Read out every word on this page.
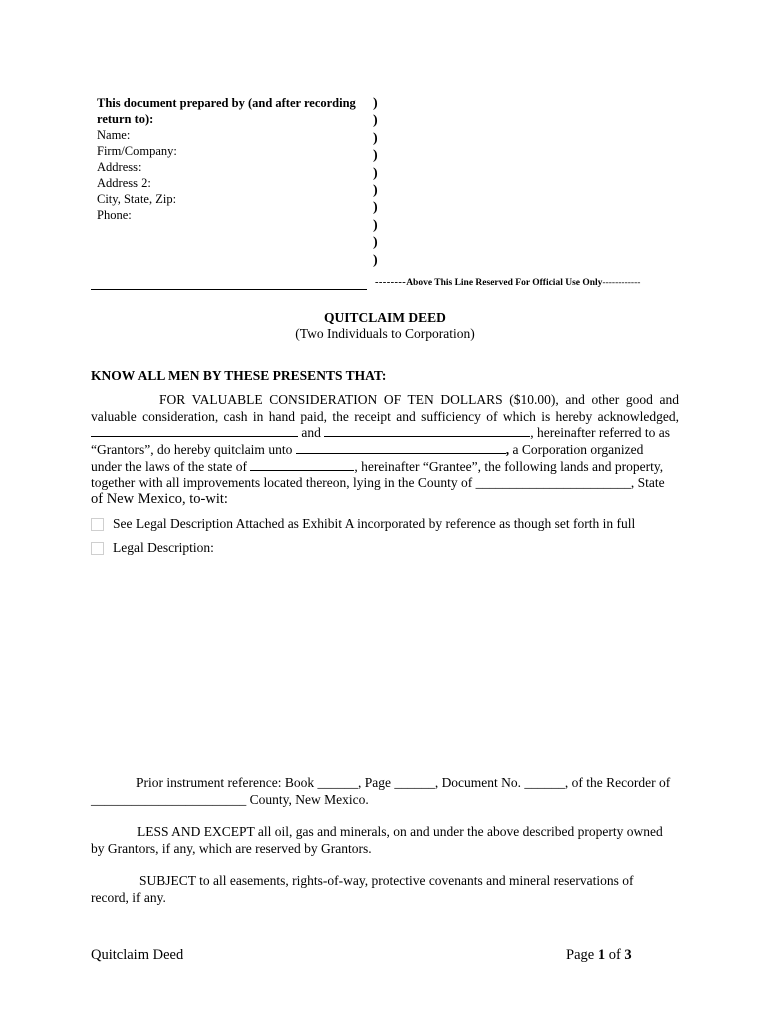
This document prepared by (and after recording
return to):
Name:
Firm/Company:
Address:
Address 2:
City, State, Zip:
Phone:
)
)
)
)
)
)
)
)
)
)
--------Above This Line Reserved For Official Use Only------------
QUITCLAIM DEED
(Two Individuals to Corporation)
KNOW ALL MEN BY THESE PRESENTS THAT:
FOR VALUABLE CONSIDERATION OF TEN DOLLARS ($10.00), and other good and
valuable consideration, cash in hand paid, the receipt and sufficiency of which is hereby acknowledged,
and	, hereinafter referred to as
“Grantors”, do hereby quitclaim unto	, a Corporation organized
under the laws of the state of	, hereinafter “Grantee”, the following lands and property,
together with all improvements located thereon, lying in the County of _______________________, State
of New Mexico, to-wit:
See Legal Description Attached as Exhibit A incorporated by reference as though set forth in full
Legal Description:
Prior instrument reference: Book ______, Page ______, Document No. ______, of the Recorder of
_______________________ County, New Mexico.
LESS AND EXCEPT all oil, gas and minerals, on and under the above described property owned
by Grantors, if any, which are reserved by Grantors.
SUBJECT to all easements, rights-of-way, protective covenants and mineral reservations of
record, if any.
Quitclaim Deed	Page 1 of 3
